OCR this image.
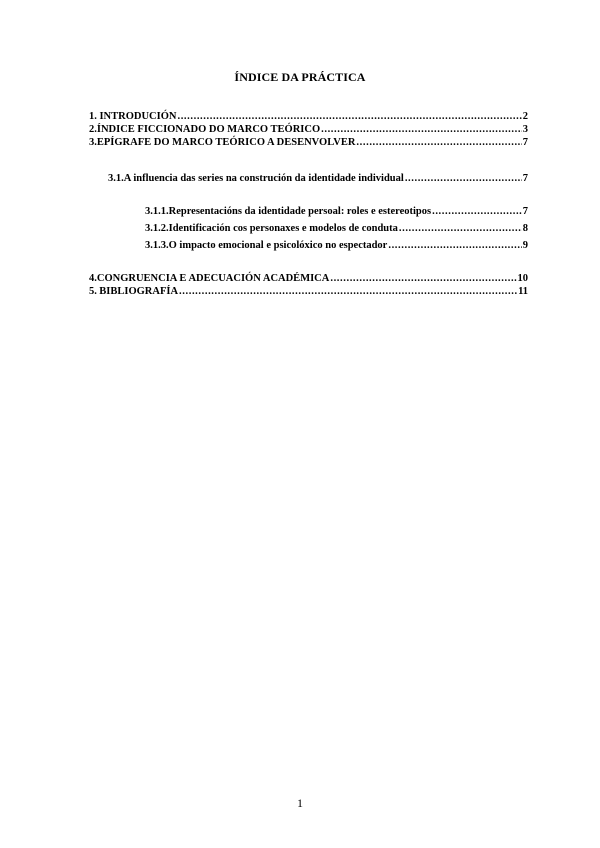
ÍNDICE DA PRÁCTICA
1. INTRODUCIÓN .....	2
2. ÍNDICE FICCIONADO DO MARCO TEÓRICO .....	3
3. EPÍGRAFE DO MARCO TEÓRICO A DESENVOLVER .....	7
3.1. A influencia das series na construción da identidade individual .....	7
3.1.1. Representacións da identidade persoal: roles e estereotipos .....	7
3.1.2. Identificación cos personaxes e modelos de conduta .....	8
3.1.3. O impacto emocional e psicolóxico no espectador .....	9
4. CONGRUENCIA E ADECUACIÓN ACADÉMICA .....	10
5. BIBLIOGRAFÍA .....	11
1
